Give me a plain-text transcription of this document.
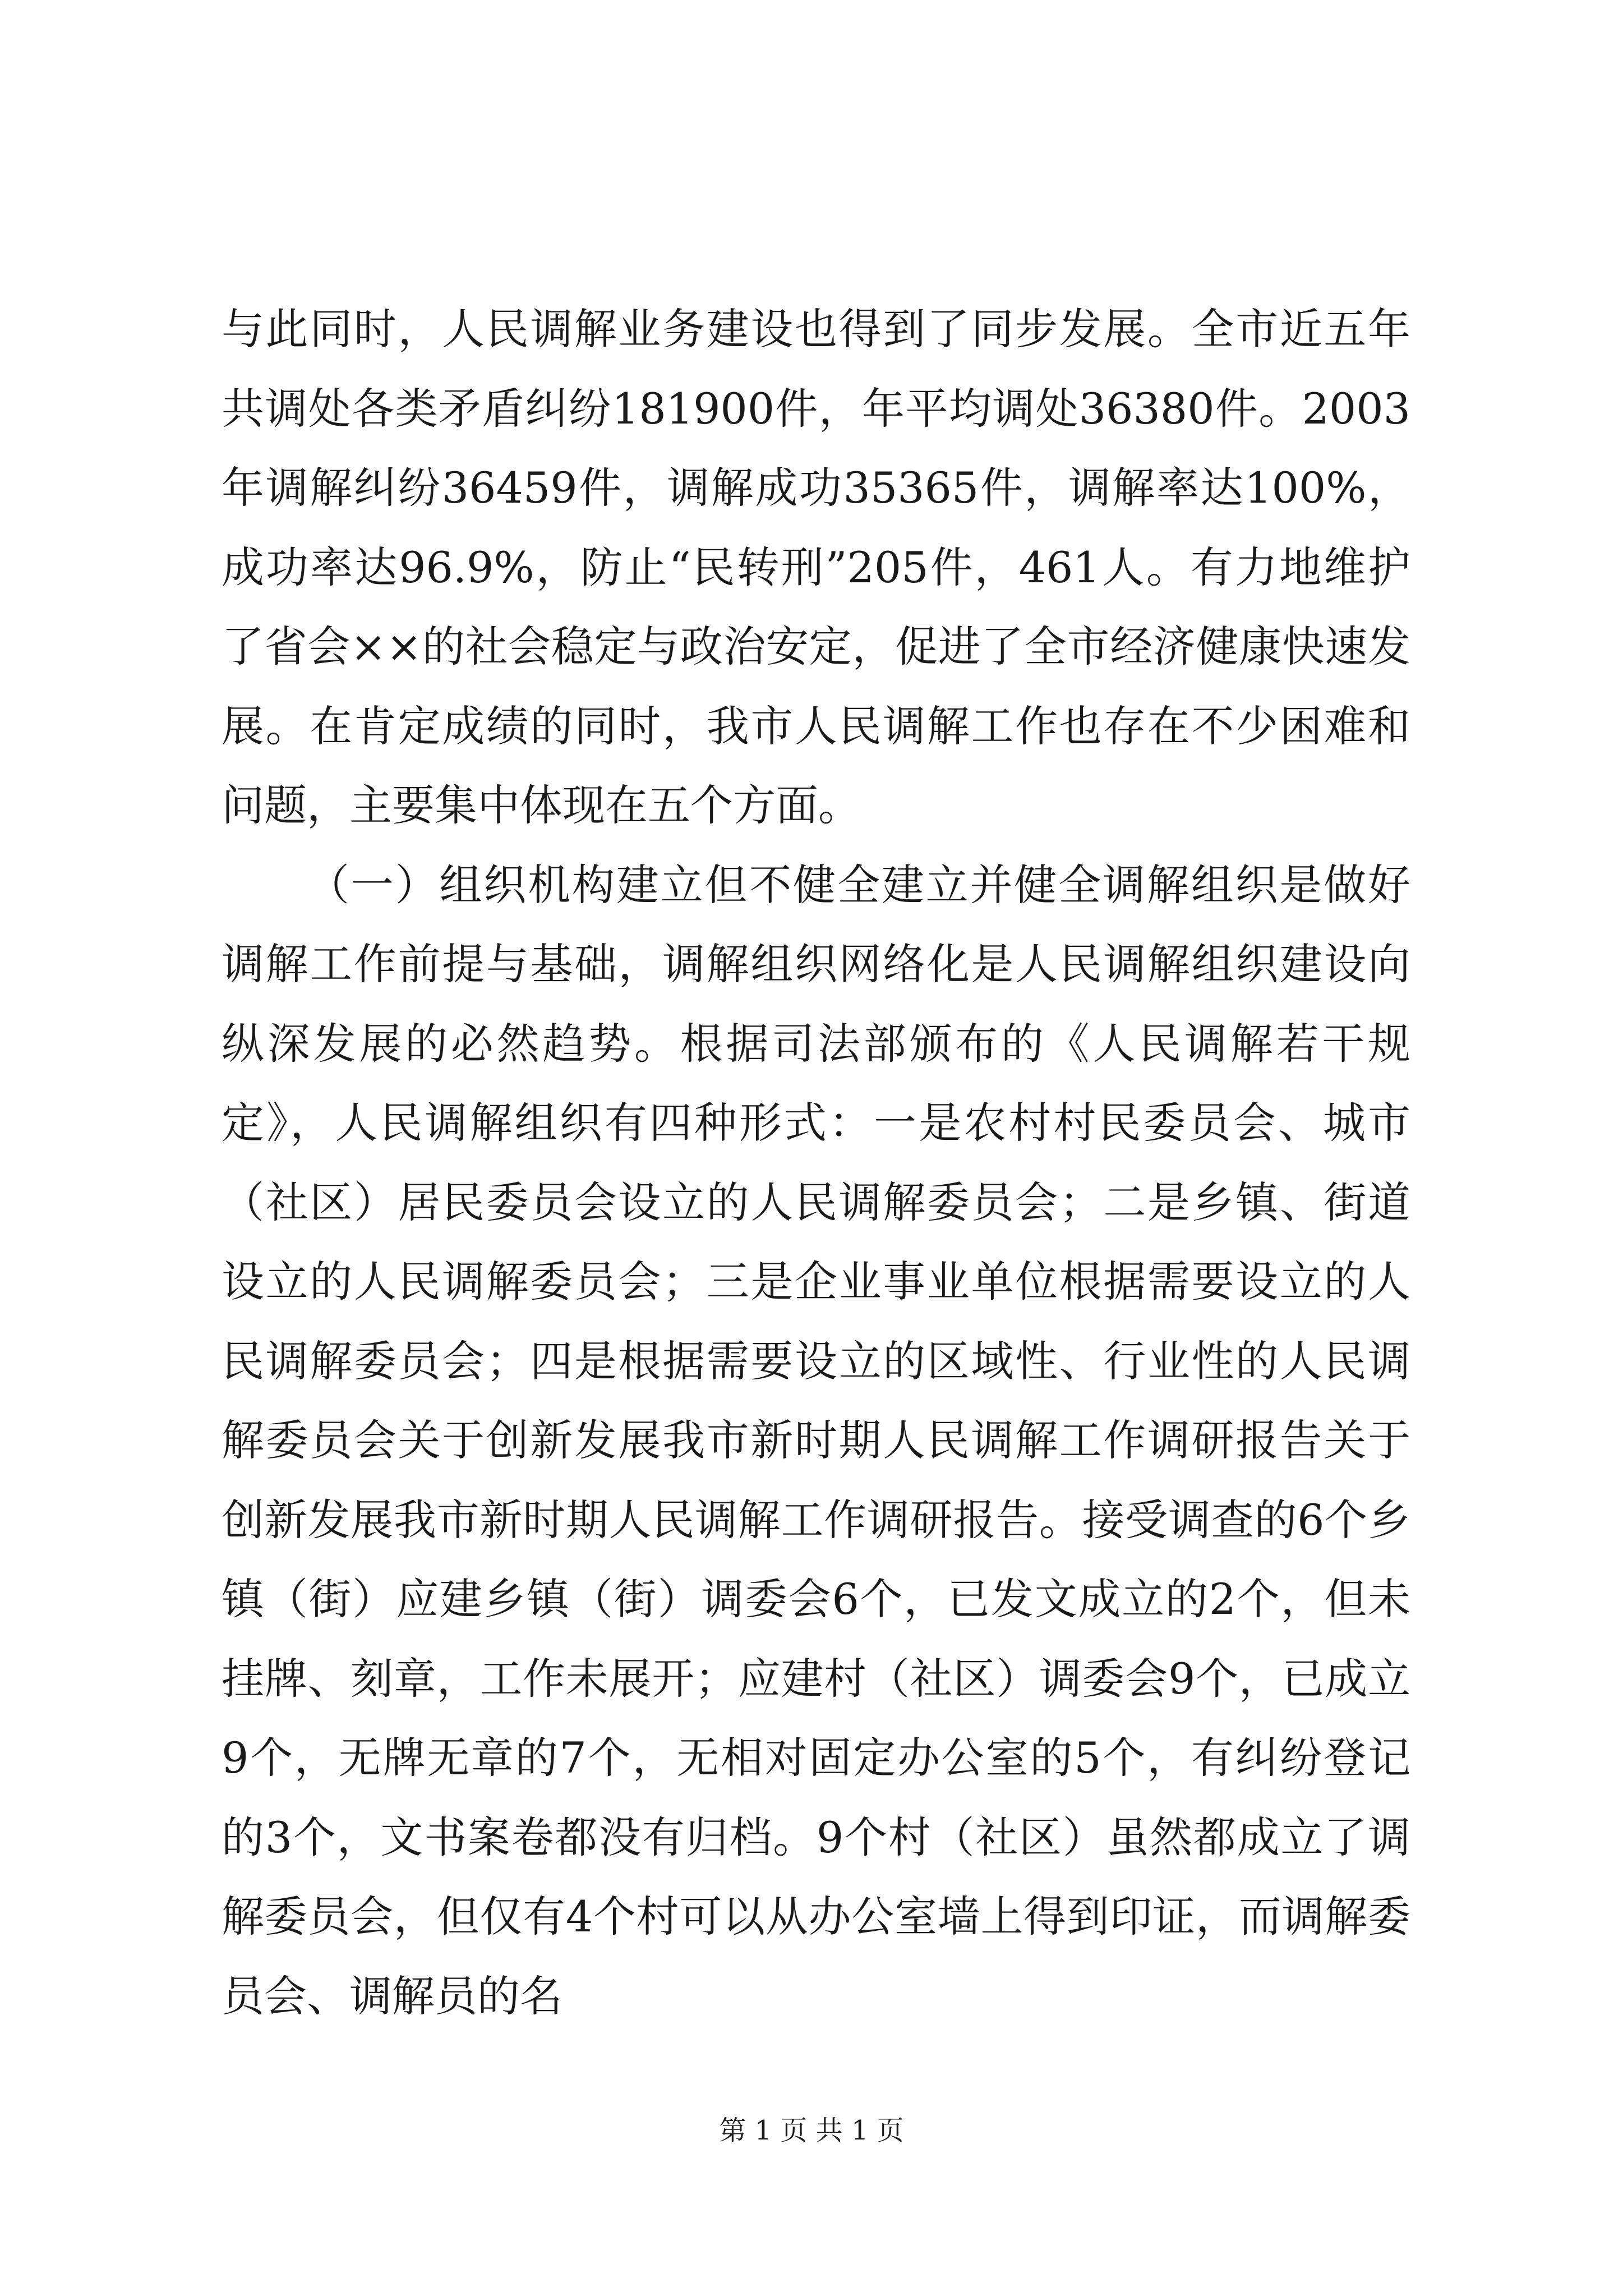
与此同时，人民调解业务建设也得到了同步发展。全市近五年共调处各类矛盾纠纷181900件，年平均调处36380件。2003年调解纠纷36459件，调解成功35365件，调解率达100%，成功率达96.9%，防止“民转刑”205件，461人。有力地维护了省会××的社会稳定与政治安定，促进了全市经济健康快速发展。在肯定成绩的同时，我市人民调解工作也存在不少困难和问题，主要集中体现在五个方面。

（一）组织机构建立但不健全建立并健全调解组织是做好调解工作前提与基础，调解组织网络化是人民调解组织建设向纵深发展的必然趋势。根据司法部颁布的《人民调解若干规定》，人民调解组织有四种形式：一是农村村民委员会、城市（社区）居民委员会设立的人民调解委员会；二是乡镇、街道设立的人民调解委员会；三是企业事业单位根据需要设立的人民调解委员会；四是根据需要设立的区域性、行业性的人民调解委员会关于创新发展我市新时期人民调解工作调研报告关于创新发展我市新时期人民调解工作调研报告。接受调查的6个乡镇（街）应建乡镇（街）调委会6个，已发文成立的2个，但未挂牌、刻章，工作未展开；应建村（社区）调委会9个，已成立9个，无牌无章的7个，无相对固定办公室的5个，有纠纷登记的3个，文书案卷都没有归档。9个村（社区）虽然都成立了调解委员会，但仅有4个村可以从办公室墙上得到印证，而调解委员会、调解员的名

第 1 页 共 1 页
